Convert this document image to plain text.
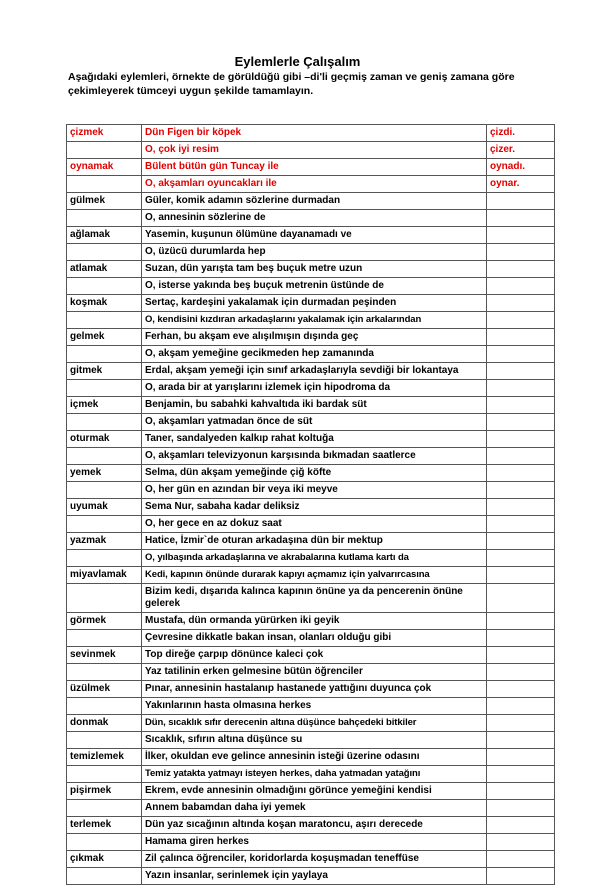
Eylemlerle Çalışalım
Aşağıdaki eylemleri, örnekte de görüldüğü gibi –di'li geçmiş zaman ve geniş zamana göre çekimleyerek tümceyi uygun şekilde tamamlayın.
çizmek	Dün Figen bir köpek	çizdi.
	O, çok iyi resim	çizer.
oynamak	Bülent bütün gün Tuncay ile	oynadı.
	O, akşamları oyuncakları ile	oynar.
gülmek	Güler, komik adamın sözlerine durmadan	
	O, annesinin sözlerine de	
ağlamak	Yasemin, kuşunun ölümüne dayanamadı ve	
	O, üzücü durumlarda hep	
atlamak	Suzan, dün yarışta tam beş buçuk metre uzun	
	O, isterse yakında beş buçuk metrenin üstünde de	
koşmak	Sertaç, kardeşini yakalamak için durmadan peşinden	
	O, kendisini kızdıran arkadaşlarını yakalamak için arkalarından	
gelmek	Ferhan, bu akşam eve alışılmışın dışında geç	
	O, akşam yemeğine gecikmeden hep zamanında	
gitmek	Erdal, akşam yemeği için sınıf arkadaşlarıyla sevdiği bir lokantaya	
	O, arada bir at yarışlarını izlemek için hipodroma da	
içmek	Benjamin, bu sabahki kahvaltıda iki bardak süt	
	O, akşamları yatmadan önce de süt	
oturmak	Taner, sandalyeden kalkıp rahat koltuğa	
	O, akşamları televizyonun karşısında bıkmadan saatlerce	
yemek	Selma, dün akşam yemeğinde çiğ köfte	
	O, her gün en azından bir veya iki meyve	
uyumak	Sema Nur, sabaha kadar deliksiz	
	O, her gece en az dokuz saat	
yazmak	Hatice, İzmir`de oturan arkadaşına dün bir mektup	
	O, yılbaşında arkadaşlarına ve akrabalarına kutlama kartı da	
miyavlamak	Kedi, kapının önünde durarak kapıyı açmamız için yalvarırcasına	
	Bizim kedi, dışarıda kalınca kapının önüne ya da pencerenin önüne gelerek	
görmek	Mustafa, dün ormanda yürürken iki geyik	
	Çevresine dikkatle bakan insan, olanları olduğu gibi	
sevinmek	Top direğe çarpıp dönünce kaleci çok	
	Yaz tatilinin erken gelmesine bütün öğrenciler	
üzülmek	Pınar, annesinin hastalanıp hastanede yattığını duyunca çok	
	Yakınlarının hasta olmasına herkes	
donmak	Dün, sıcaklık sıfır derecenin altına düşünce bahçedeki bitkiler	
	Sıcaklık, sıfırın altına düşünce su	
temizlemek	İlker, okuldan eve gelince annesinin isteği üzerine odasını	
	Temiz yatakta yatmayı isteyen herkes, daha yatmadan yatağını	
pişirmek	Ekrem, evde annesinin olmadığını görünce yemeğini kendisi	
	Annem babamdan daha iyi yemek	
terlemek	Dün yaz sıcağının altında koşan maratoncu, aşırı derecede	
	Hamama giren herkes	
çıkmak	Zil çalınca öğrenciler, koridorlarda koşuşmadan teneffüse	
	Yazın insanlar, serinlemek için yaylaya	
